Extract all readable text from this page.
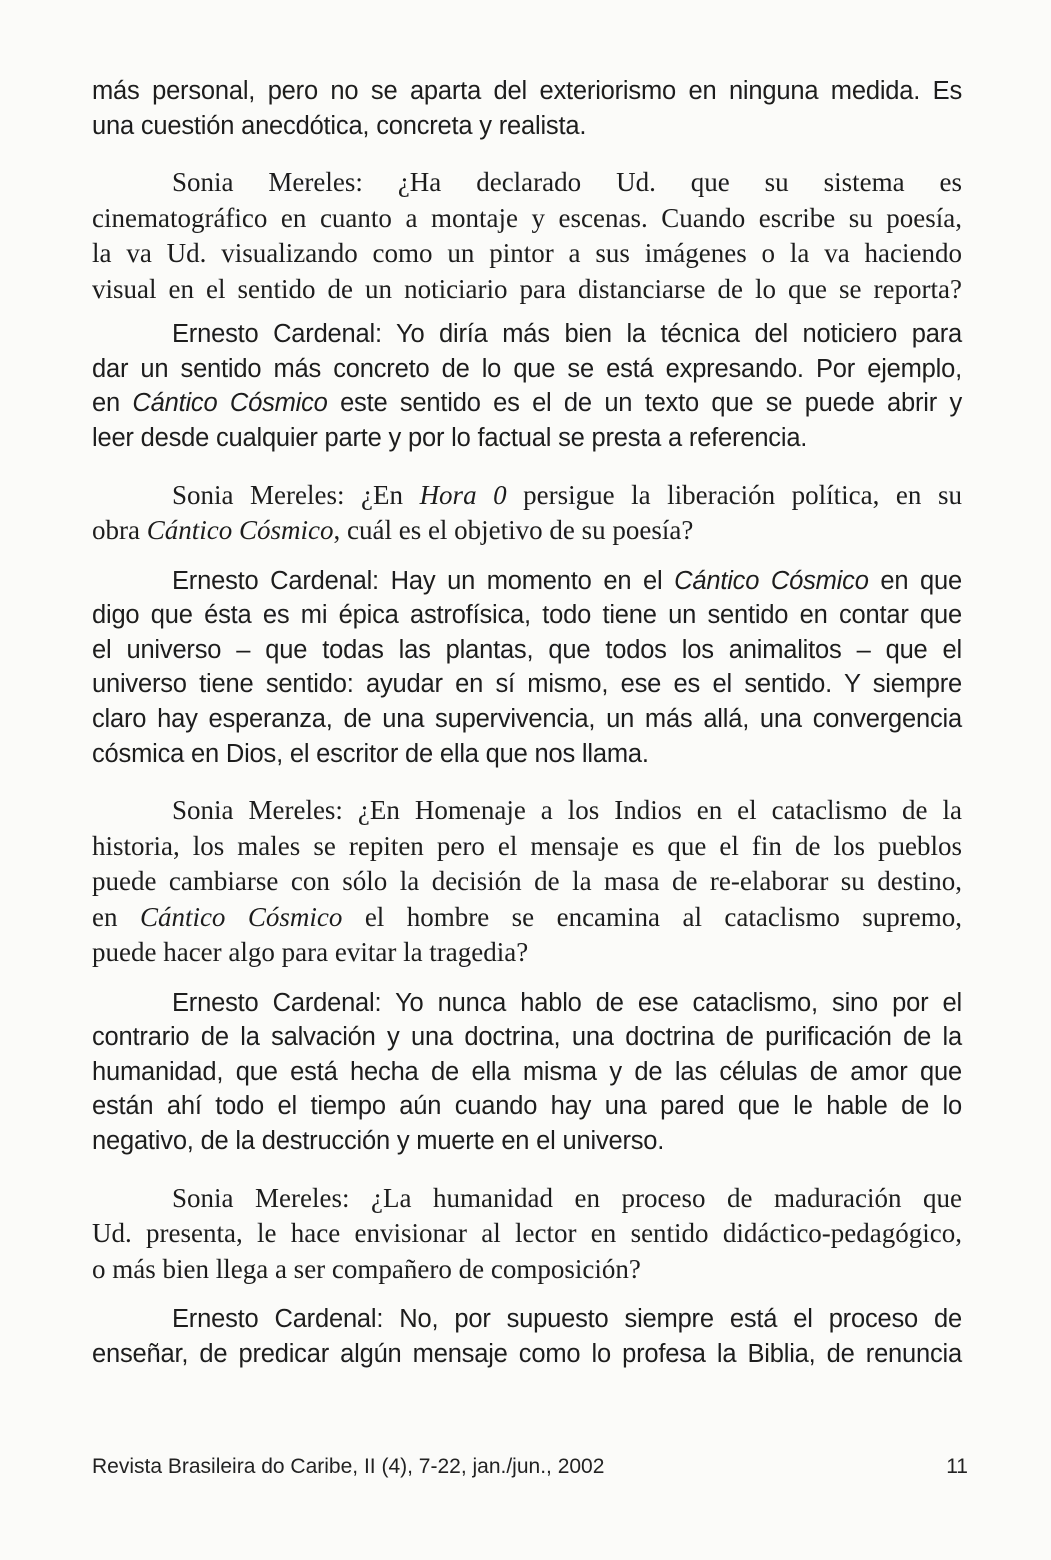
más personal, pero no se aparta del exteriorismo en ninguna medida. Es
una cuestión anecdótica, concreta y realista.
Sonia Mereles: ¿Ha declarado Ud. que su sistema es
cinematográfico en cuanto a montaje y escenas. Cuando escribe su poesía,
la va Ud. visualizando como un pintor a sus imágenes o la va haciendo
visual en el sentido de un noticiario para distanciarse de lo que se reporta?
Ernesto Cardenal: Yo diría más bien la técnica del noticiero para
dar un sentido más concreto de lo que se está expresando. Por ejemplo,
en Cántico Cósmico este sentido es el de un texto que se puede abrir y
leer desde cualquier parte y por lo factual se presta a referencia.
Sonia Mereles: ¿En Hora 0 persigue la liberación política, en su
obra Cántico Cósmico, cuál es el objetivo de su poesía?
Ernesto Cardenal: Hay un momento en el Cántico Cósmico en que
digo que ésta es mi épica astrofísica, todo tiene un sentido en contar que
el universo – que todas las plantas, que todos los animalitos – que el
universo tiene sentido: ayudar en sí mismo, ese es el sentido. Y siempre
claro hay esperanza, de una supervivencia, un más allá, una convergencia
cósmica en Dios, el escritor de ella que nos llama.
Sonia Mereles: ¿En Homenaje a los Indios en el cataclismo de la
historia, los males se repiten pero el mensaje es que el fin de los pueblos
puede cambiarse con sólo la decisión de la masa de re-elaborar su destino,
en Cántico Cósmico el hombre se encamina al cataclismo supremo,
puede hacer algo para evitar la tragedia?
Ernesto Cardenal: Yo nunca hablo de ese cataclismo, sino por el
contrario de la salvación y una doctrina, una doctrina de purificación de la
humanidad, que está hecha de ella misma y de las células de amor que
están ahí todo el tiempo aún cuando hay una pared que le hable de lo
negativo, de la destrucción y muerte en el universo.
Sonia Mereles: ¿La humanidad en proceso de maduración que
Ud. presenta, le hace envisionar al lector en sentido didáctico-pedagógico,
o más bien llega a ser compañero de composición?
Ernesto Cardenal: No, por supuesto siempre está el proceso de
enseñar, de predicar algún mensaje como lo profesa la Biblia, de renuncia
Revista Brasileira do Caribe, II (4), 7-22, jan./jun., 2002	11
